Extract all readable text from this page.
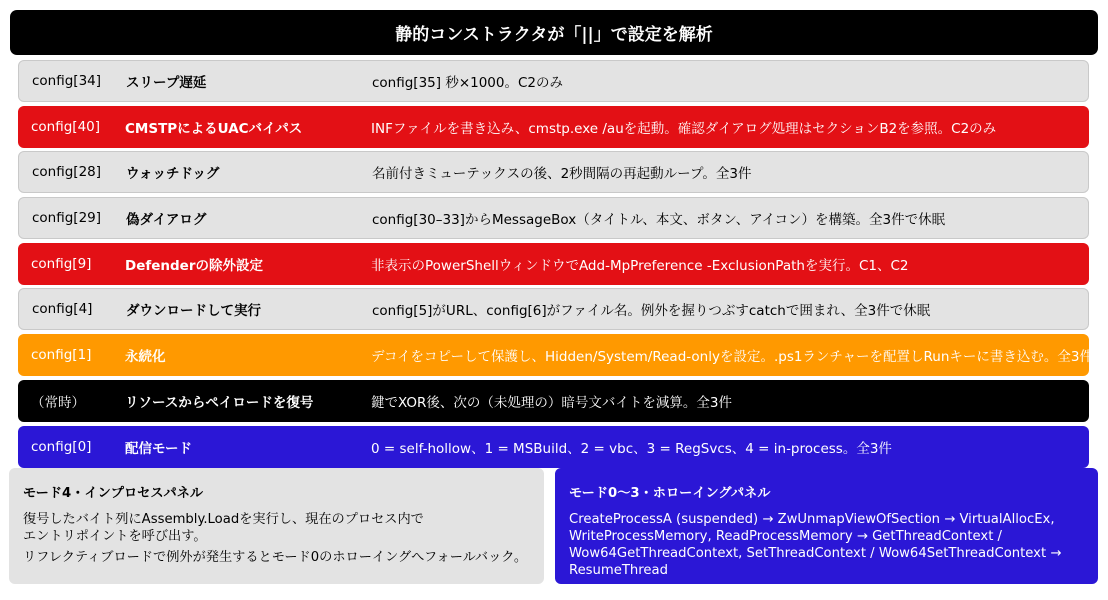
静的コンストラクタが「||」で設定を解析
config[34] スリープ遅延	config[35] 秒×1000。C2のみ
config[40] CMSTPによるUACバイパス	INFファイルを書き込み、cmstp.exe /auを起動。確認ダイアログ処理はセクションB2を参照。C2のみ
config[28] ウォッチドッグ	名前付きミューテックスの後、2秒間隔の再起動ループ。全3件
config[29] 偽ダイアログ	config[30–33]からMessageBox（タイトル、本文、ボタン、アイコン）を構築。全3件で休眠
config[9] Defenderの除外設定	非表示のPowerShellウィンドウでAdd-MpPreference -ExclusionPathを実行。C1、C2
config[4] ダウンロードして実行	config[5]がURL、config[6]がファイル名。例外を握りつぶすcatchで囲まれ、全3件で休眠
config[1] 永続化	デコイをコピーして保護し、Hidden/System/Read-onlyを設定。.ps1ランチャーを配置しRunキーに書き込む。全3件
（常時）	リソースからペイロードを復号	鍵でXOR後、次の（未処理の）暗号文バイトを減算。全3件
config[0] 配信モード	0 = self-hollow、1 = MSBuild、2 = vbc、3 = RegSvcs、4 = in-process。全3件
モード4・インプロセスパネル

復号したバイト列にAssembly.Loadを実行し、現在のプロセス内で
エントリポイントを呼び出す。

リフレクティブロードで例外が発生するとモード0のホローイングへフォールバック。

モード0〜3・ホローイングパネル

CreateProcessA (suspended) → ZwUnmapViewOfSection → VirtualAllocEx,
WriteProcessMemory, ReadProcessMemory → GetThreadContext /
Wow64GetThreadContext, SetThreadContext / Wow64SetThreadContext →
ResumeThread
